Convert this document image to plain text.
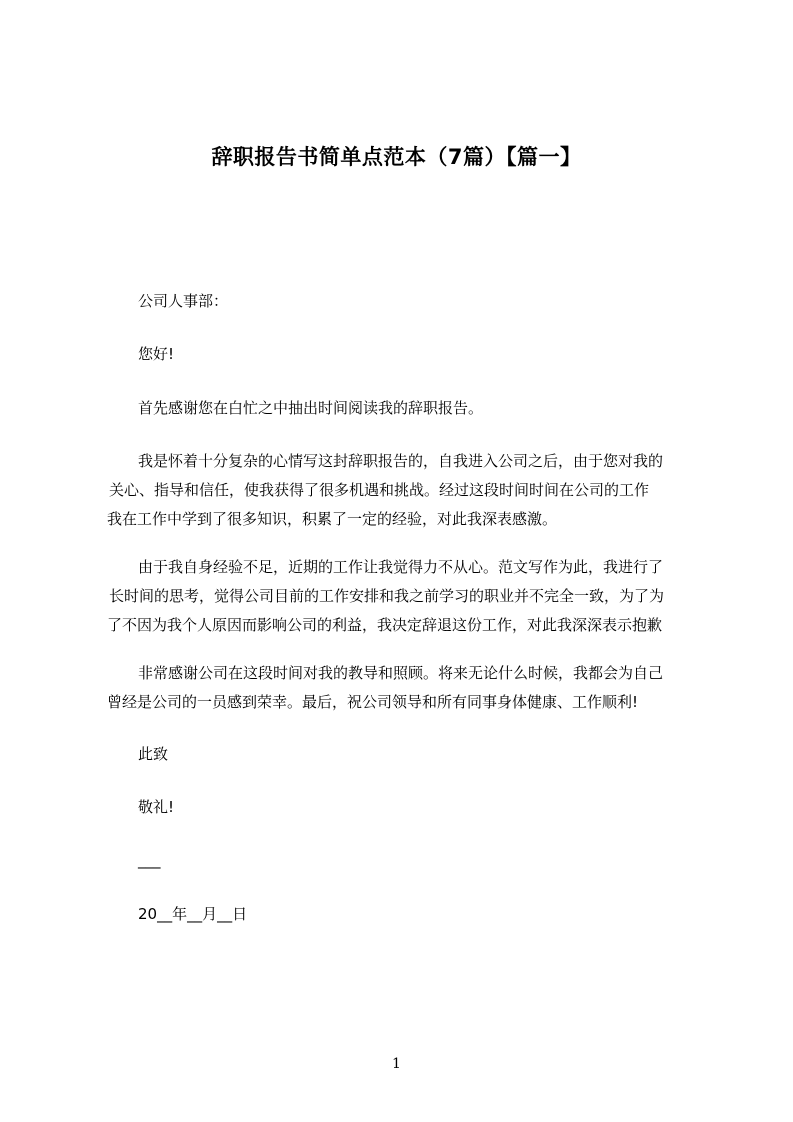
辞职报告书简单点范本（7篇）【篇一】
公司人事部：
您好!
首先感谢您在白忙之中抽出时间阅读我的辞职报告。
我是怀着十分复杂的心情写这封辞职报告的，自我进入公司之后，由于您对我的
关心、指导和信任，使我获得了很多机遇和挑战。经过这段时间时间在公司的工作
我在工作中学到了很多知识，积累了一定的经验，对此我深表感激。
由于我自身经验不足，近期的工作让我觉得力不从心。范文写作为此，我进行了
长时间的思考，觉得公司目前的工作安排和我之前学习的职业并不完全一致，为了为
了不因为我个人原因而影响公司的利益，我决定辞退这份工作，对此我深深表示抱歉
非常感谢公司在这段时间对我的教导和照顾。将来无论什么时候，我都会为自己
曾经是公司的一员感到荣幸。最后，祝公司领导和所有同事身体健康、工作顺利!
此致
敬礼!
___
20__年__月__日
1
